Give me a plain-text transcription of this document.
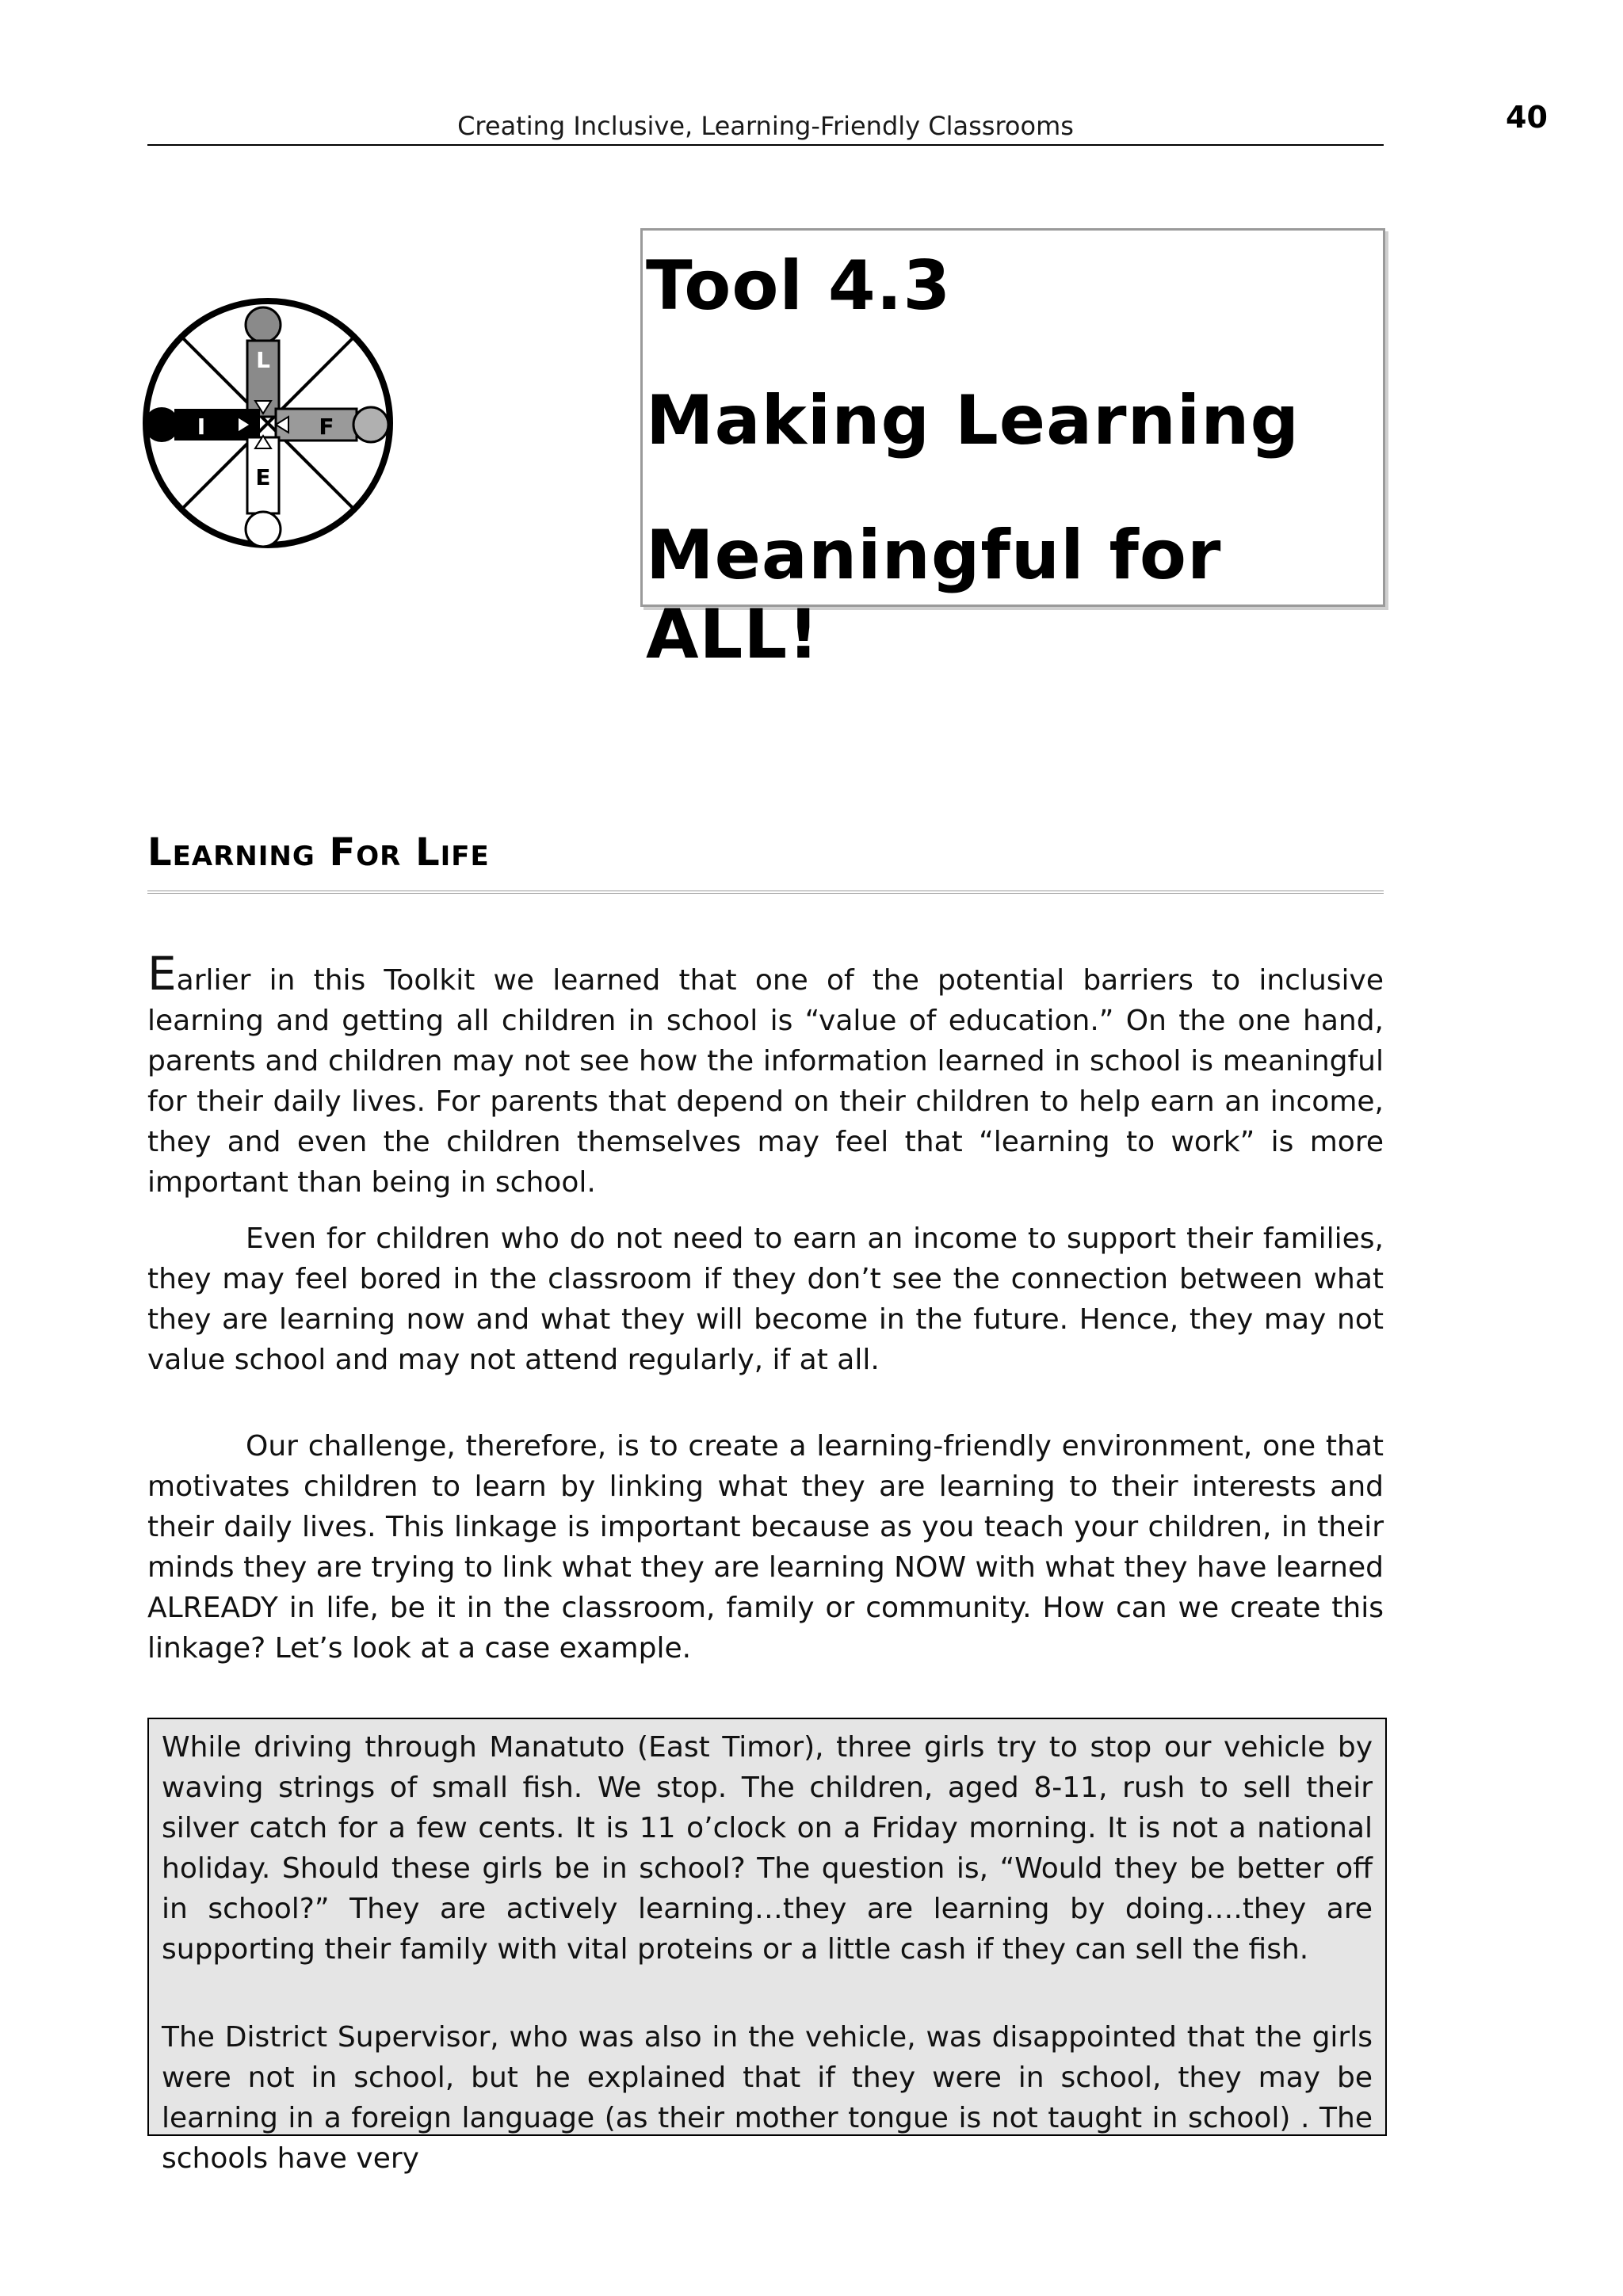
Creating Inclusive, Learning-Friendly Classrooms	40
L
I	F
E
Tool 4.3
Making Learning
Meaningful for ALL!
Learning For Life
Earlier in this Toolkit we learned that one of the potential barriers to inclusive learning and getting all children in school is “value of education.” On the one hand, parents and children may not see how the information learned in school is meaningful for their daily lives. For parents that depend on their children to help earn an income, they and even the children themselves may feel that “learning to work” is more important than being in school.
Even for children who do not need to earn an income to support their families, they may feel bored in the classroom if they don’t see the connection between what they are learning now and what they will become in the future. Hence, they may not value school and may not attend regularly, if at all.
Our challenge, therefore, is to create a learning-friendly environment, one that motivates children to learn by linking what they are learning to their interests and their daily lives. This linkage is important because as you teach your children, in their minds they are trying to link what they are learning NOW with what they have learned ALREADY in life, be it in the classroom, family or community. How can we create this linkage? Let’s look at a case example.

While driving through Manatuto (East Timor), three girls try to stop our vehicle by waving strings of small fish. We stop. The children, aged 8-11, rush to sell their silver catch for a few cents. It is 11 o’clock on a Friday morning. It is not a national holiday. Should these girls be in school? The question is, “Would they be better off in school?” They are actively learning…they are learning by doing….they are supporting their family with vital proteins or a little cash if they can sell the fish.

The District Supervisor, who was also in the vehicle, was disappointed that the girls were not in school, but he explained that if they were in school, they may be learning in a foreign language (as their mother tongue is not taught in school) . The schools have very
